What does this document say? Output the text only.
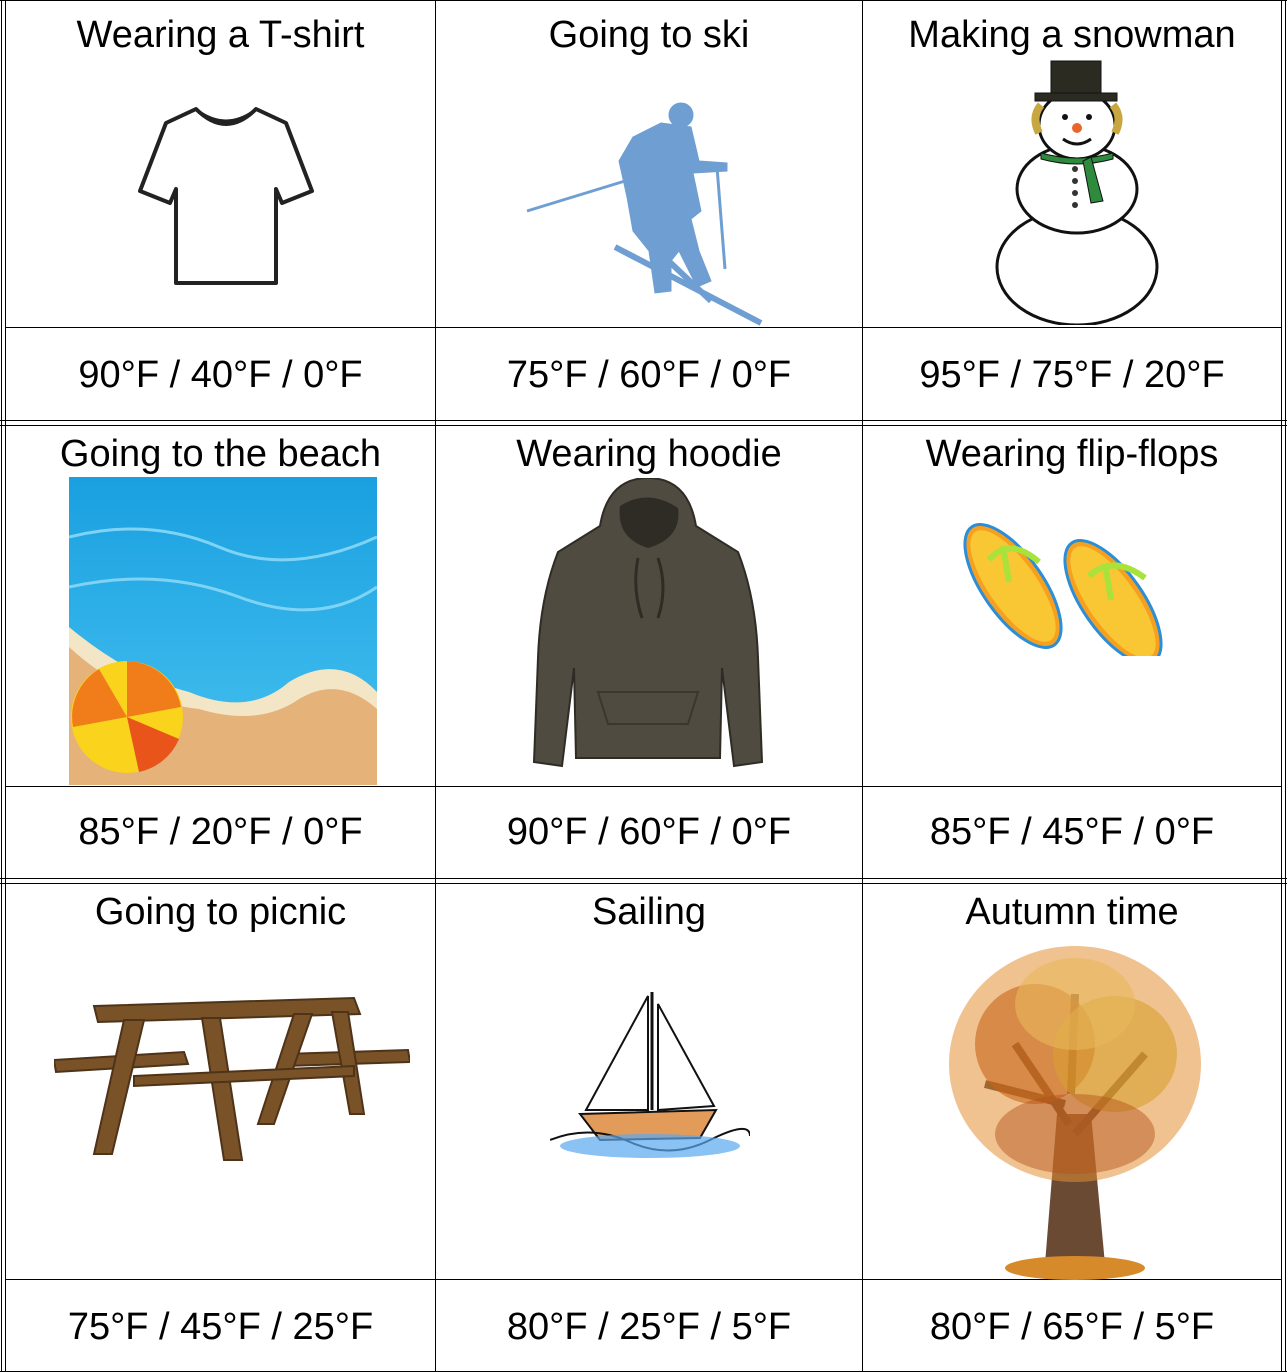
Wearing a T-shirt
90°F / 40°F / 0°F
Going to ski
75°F / 60°F / 0°F
Making a snowman
95°F / 75°F / 20°F
Going to the beach
85°F / 20°F / 0°F
Wearing hoodie
90°F / 60°F / 0°F
Wearing flip-flops
85°F / 45°F / 0°F
Going to picnic
75°F / 45°F / 25°F
Sailing
80°F / 25°F / 5°F
Autumn time
80°F / 65°F / 5°F
